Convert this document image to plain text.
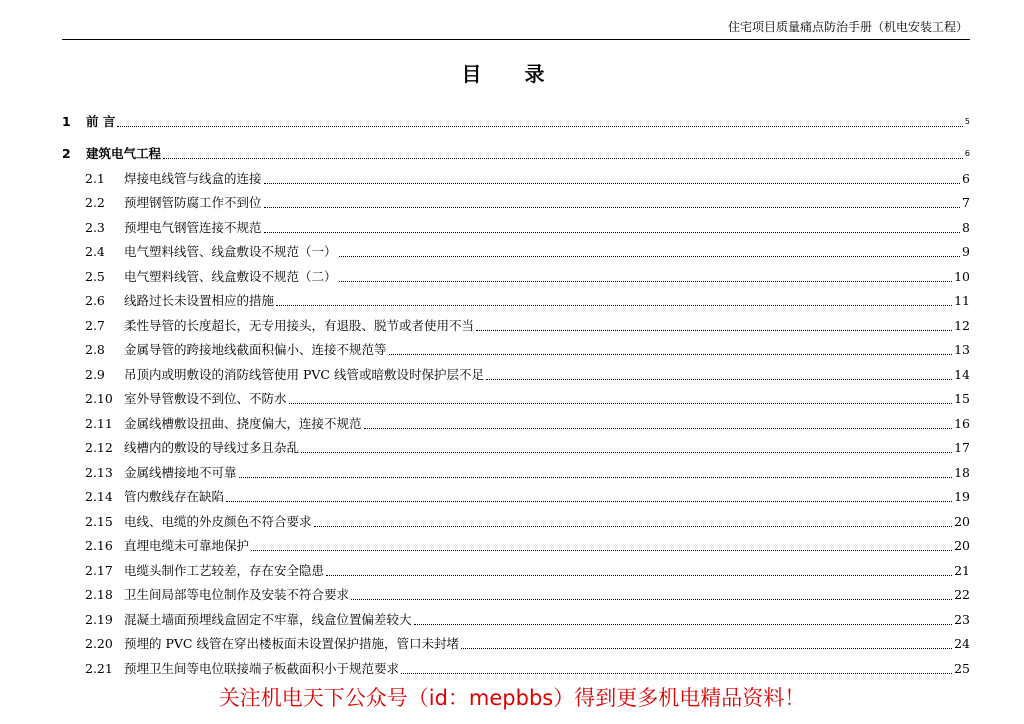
住宅项目质量痛点防治手册（机电安装工程）
目 录
1	前 言	5
2	建筑电气工程	6
2.1	焊接电线管与线盒的连接	6
2.2	预埋钢管防腐工作不到位	7
2.3	预埋电气钢管连接不规范	8
2.4	电气塑料线管、线盒敷设不规范（一）	9
2.5	电气塑料线管、线盒敷设不规范（二）	10
2.6	线路过长未设置相应的措施	11
2.7	柔性导管的长度超长，无专用接头，有退股、脱节或者使用不当	12
2.8	金属导管的跨接地线截面积偏小、连接不规范等	13
2.9	吊顶内或明敷设的消防线管使用 PVC 线管或暗敷设时保护层不足	14
2.10 室外导管敷设不到位、不防水	15
2.11 金属线槽敷设扭曲、挠度偏大，连接不规范	16
2.12 线槽内的敷设的导线过多且杂乱	17
2.13 金属线槽接地不可靠	18
2.14 管内敷线存在缺陷	19
2.15 电线、电缆的外皮颜色不符合要求	20
2.16 直埋电缆未可靠地保护	20
2.17 电缆头制作工艺较差，存在安全隐患	21
2.18 卫生间局部等电位制作及安装不符合要求	22
2.19 混凝土墙面预埋线盒固定不牢靠，线盒位置偏差较大	23
2.20 预埋的 PVC 线管在穿出楼板面未设置保护措施，管口未封堵	24
2.21 预埋卫生间等电位联接端子板截面积小于规范要求	25
关注机电天下公众号（id：mepbbs）得到更多机电精品资料！
